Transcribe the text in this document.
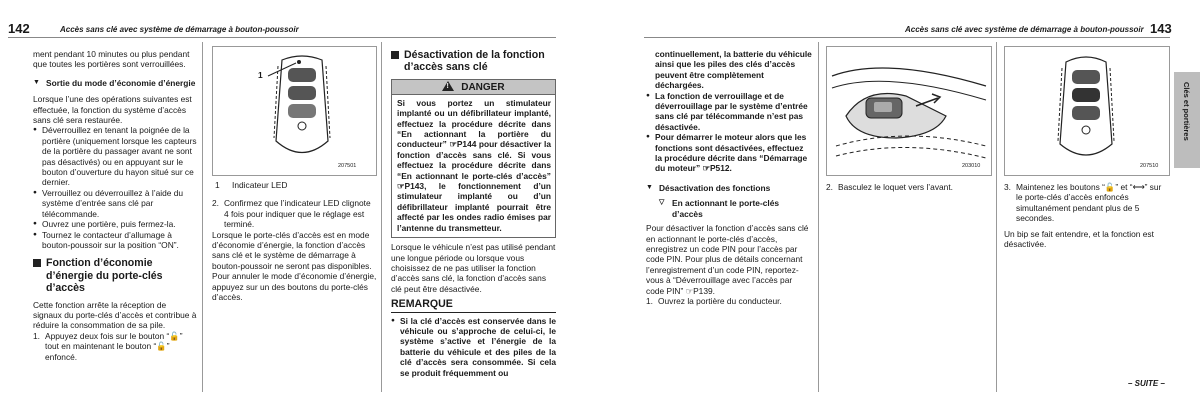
142	Accès sans clé avec système de démarrage à bouton-poussoir
ment pendant 10 minutes ou plus pendant que toutes les portières sont verrouillées.
▼ Sortie du mode d’économie d’énergie
Lorsque l’une des opérations suivantes est effectuée, la fonction du système d’accès sans clé sera restaurée.
● Déverrouillez en tenant la poignée de la portière (uniquement lorsque les capteurs de la portière du passager avant ne sont pas désactivés) ou en appuyant sur le bouton d’ouverture du hayon situé sur ce dernier.
● Verrouillez ou déverrouillez à l’aide du système d’entrée sans clé par télécommande.
● Ouvrez une portière, puis fermez-la.
● Tournez le contacteur d’allumage à bouton-poussoir sur la position “ON”.
Fonction d’économie d’énergie du porte-clés d’accès
Cette fonction arrête la réception de signaux du porte-clés d’accès et contribue à réduire la consommation de sa pile.
1. Appuyez deux fois sur le bouton “🔓” tout en maintenant le bouton “🔓” enfoncé.
1
207501
1 Indicateur LED
2. Confirmez que l’indicateur LED clignote 4 fois pour indiquer que le réglage est terminé.
Lorsque le porte-clés d’accès est en mode d’économie d’énergie, la fonction d’accès sans clé et le système de démarrage à bouton-poussoir ne seront pas disponibles.
Pour annuler le mode d’économie d’énergie, appuyez sur un des boutons du porte-clés d’accès.
Désactivation de la fonction d’accès sans clé
! DANGER
Si vous portez un stimulateur implanté ou un défibrillateur implanté, effectuez la procédure décrite dans “En actionnant la portière du conducteur” ☞P144 pour désactiver la fonction d’accès sans clé. Si vous effectuez la procédure décrite dans “En actionnant le porte-clés d’accès” ☞P143, le fonctionnement d’un stimulateur implanté ou d’un défibrillateur implanté pourrait être affecté par les ondes radio émises par l’antenne du transmetteur.
Lorsque le véhicule n’est pas utilisé pendant une longue période ou lorsque vous choisissez de ne pas utiliser la fonction d’accès sans clé, la fonction d’accès sans clé peut être désactivée.
REMARQUE
● Si la clé d’accès est conservée dans le véhicule ou s’approche de celui-ci, le système s’active et l’énergie de la batterie du véhicule et des piles de la clé d’accès sera consommée. Si cela se produit fréquemment ou
Accès sans clé avec système de démarrage à bouton-poussoir 143
Clés et portières
continuellement, la batterie du véhicule ainsi que les piles des clés d’accès peuvent être complètement déchargées.
● La fonction de verrouillage et de déverrouillage par le système d’entrée sans clé par télécommande n’est pas désactivée.
● Pour démarrer le moteur alors que les fonctions sont désactivées, effectuez la procédure décrite dans “Démarrage du moteur” ☞P512.
▼ Désactivation des fonctions
▽ En actionnant le porte-clés d’accès
Pour désactiver la fonction d’accès sans clé en actionnant le porte-clés d’accès, enregistrez un code PIN pour l’accès par code PIN. Pour plus de détails concernant l’enregistrement d’un code PIN, reportez-vous à “Déverrouillage avec l’accès par code PIN” ☞P139.
1. Ouvrez la portière du conducteur.
203010
2. Basculez le loquet vers l’avant.
207510
3. Maintenez les boutons “🔓” et “⟷” sur le porte-clés d’accès enfoncés simultanément pendant plus de 5 secondes.
Un bip se fait entendre, et la fonction est désactivée.
– SUITE –
